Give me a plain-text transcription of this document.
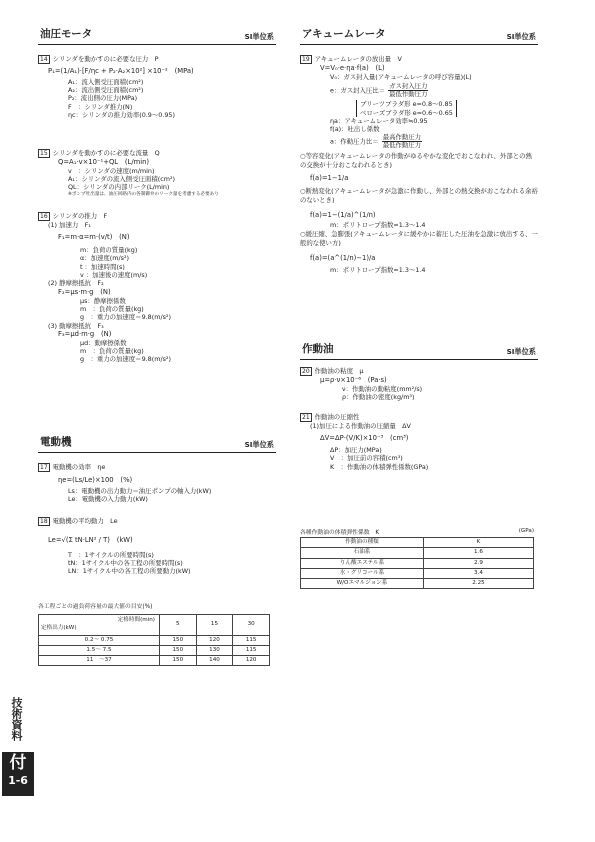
油圧モータ	SI単位系
14 シリンダを動かすのに必要な圧力　P
P₁=(1/A₁)·[F/ηc + P₂·A₂×10²] ×10⁻²　(MPa)
A₁：流入側受圧面積(cm²)
A₂：流出側受圧面積(cm²)
P₂：流出側の圧力(MPa)
F　：シリンダ推力(N)
ηc：シリンダの推力効率(0.9～0.95)
15 シリンダを動かすのに必要な流量　Q
Q=A₁·v×10⁻¹+QL　(L/min)
v　：シリンダの速度(m/min)
A₁：シリンダの流入側受圧面積(cm²)
QL：シリンダの内部リーク(L/min)
※ポンプ吐出量は、油圧回路内の各制御弁のリーク量を考慮する必要あり
16 シリンダの推力　F
(1) 加速力　F₁
F₁=m·α=m·(v/t)　(N)
m：負荷の質量(kg)
α：加速度(m/s²)
t ：加速時間(s)
v ：加速後の速度(m/s)
(2) 静摩擦抵抗　F₂
F₂=μs·m·g　(N)
μs：静摩擦係数
m　：負荷の質量(kg)
g　：重力の加速度＝9.8(m/s²)
(3) 動摩擦抵抗　F₃
F₃=μd·m·g　(N)
μd：動摩擦係数
m　：負荷の質量(kg)
g　：重力の加速度＝9.8(m/s²)
電動機	SI単位系
17 電動機の効率　ηe
ηe=(Ls/Le)×100　(%)
Ls：電動機の出力動力＝油圧ポンプの軸入力(kW)
Le：電動機の入力動力(kW)
18 電動機の平均動力　Le
Le=√(Σ tN·LN² / T)　(kW)
T　：1サイクルの所要時間(s)
tN：1サイクル中の各工程の所要時間(s)
LN：1サイクル中の各工程の所要動力(kW)
各工程ごとの過負荷容量の最大値の目安(%)
定格時間(min)
定格出力(kW)	5	15	30
0.2～ 0.75	150	120	115
1.5～ 7.5	150	130	115
11　～37	150	140	120
アキュームレータ	SI単位系
19 アキュームレータの放出量　V
V=V₀·e·ηa·f(a)　(L)
V₀：ガス封入量(アキュームレータの呼び容量)(L)
e：ガス封入圧比＝ $\frac{\text{ガス封入圧力}}{\text{最低作動圧力}}$
ブリーツブラダ形 e=0.8～0.85
ベローズブラダ形 e=0.6～0.65
ηa：アキュームレータ効率≒0.95
f(a)：吐出し係数
a：作動圧力比＝ $\frac{\text{最高作動圧力}}{\text{最低作動圧力}}$
○等容変化(アキュームレータの作動がゆるやかな変化でおこなわれ、外部との熱の交換が十分おこなわれるとき)
f(a)=1−1/a
○断熱変化(アキュームレータが急激に作動し、外部との熱交換がおこなわれる余裕のないとき)
f(a)=1−(1/a)^(1/n)
m：ポリトロープ指数=1.3～1.4
○緩圧縮、急膨張(アキュームレータに緩やかに蓄圧した圧油を急激に放出する、一般的な使い方)
f(a)=(a^(1/n)−1)/a
m：ポリトロープ指数=1.3～1.4
作動油	SI単位系
20 作動油の粘度　μ
μ=ρ·ν×10⁻⁶　(Pa·s)
ν：作動油の動粘度(mm²/s)
ρ：作動油の密度(kg/m³)
21 作動油の圧縮性
(1)加圧による作動油の圧縮量　ΔV
ΔV=ΔP·(V/K)×10⁻³　(cm³)
ΔP：加圧力(MPa)
V　：加圧前の容積(cm³)
K　：作動油の体積弾性係数(GPa)
各種作動油の体積弾性係数　K	(GPa)
作動油の種類	K
石油系	1.6
りん酸エステル系	2.9
水・グリコール系	3.4
W/Oエマルジョン系	2.25
技術資料
付
1-6
